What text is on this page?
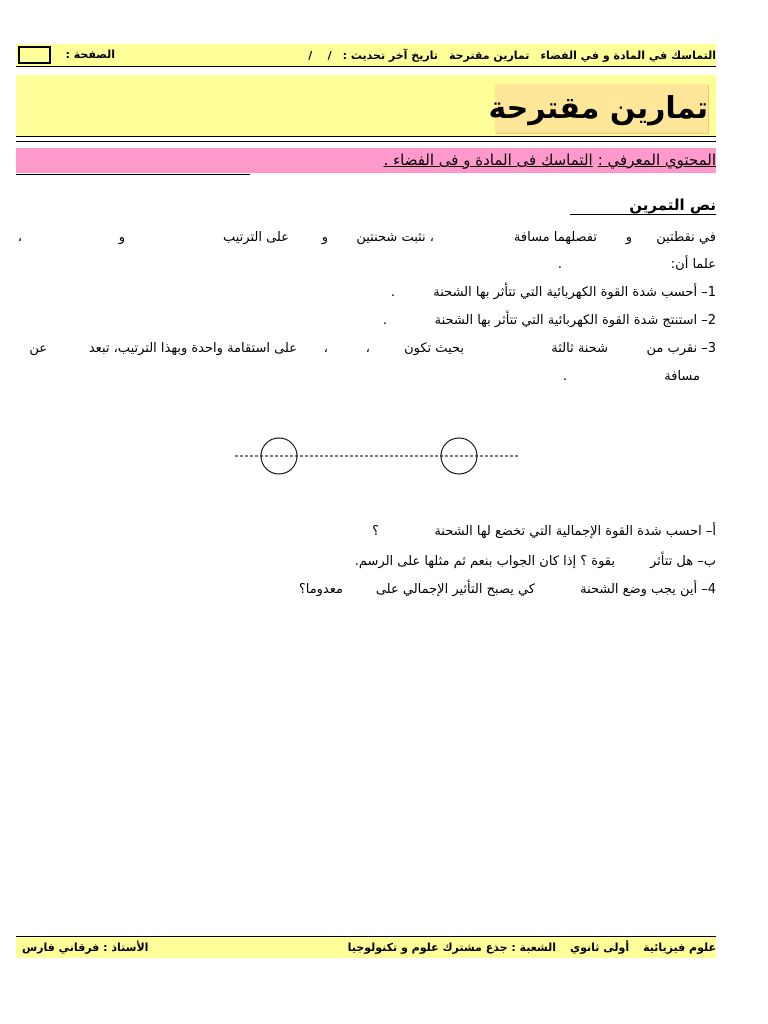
التماسك في المادة و في الفضاء
تمارين مقترحة
تاريخ آخر تحديث :
/    /
الصفحة :
تمارين مقترحة
المحتوي المعرفي :التماسك فى المادة و فى الفضاء .
نص التمرين
في نقطتين
و
تفصلهما مسافة
، نثبت شحنتين
و
على الترتيب
و
،
علما أن:
.
1– أحسب شدة القوة الكهربائية التي تتأثر بها الشحنة
.
2– استنتج شدة القوة الكهربائية التي تتأثر بها الشحنة
.
3– نقرب من
شحنة ثالثة
بحيث تكون
،
،
على استقامة واحدة وبهذا الترتيب، تبعد
عن
مسافة
.
أ– احسب شدة القوة الإجمالية التي تخضع لها الشحنة
؟
ب– هل تتأثر
بقوة ؟ إذا كان الجواب بنعم ثم مثلها على الرسم.
4– أين يجب وضع الشحنة
كي يصبح التأثير الإجمالي على
معدوما؟
علوم فيزيائية
أولى ثانوي
الشعبة : جذع مشترك علوم و تكنولوجيا
الأستاذ : فرقاني فارس
